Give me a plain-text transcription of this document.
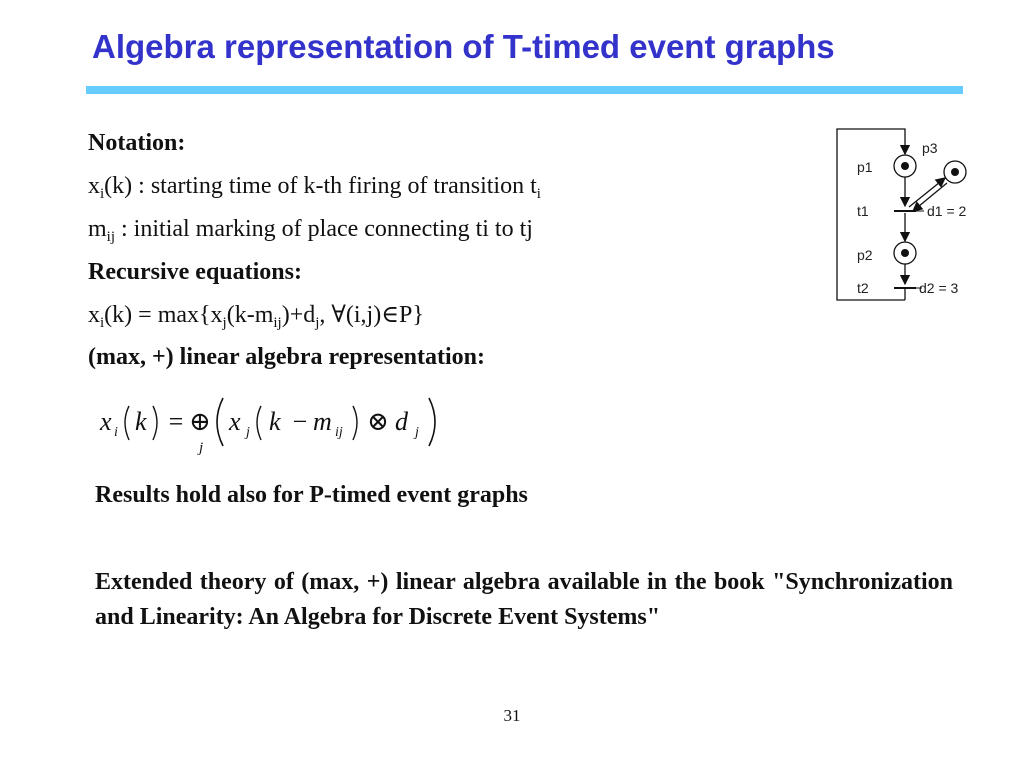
Algebra representation of T-timed event graphs
Notation:
$x_i(k)$ : starting time of k-th firing of transition $t_i$
$m_{ij}$ : initial marking of place connecting ti to tj
Recursive equations:
$x_i(k) = \max\{x_j(k-m_{ij})+d_j$, ∀(i,j)∈P}
(max, +) linear algebra representation:
x i k = ⊕
j
x j k − m ij ⊗ d j
p1
p3
t1	d1 = 2
p2
t2	d2 = 3
Results hold also for P-timed event graphs

Extended theory of (max, +) linear algebra available in the book "Synchronization and Linearity: An Algebra for Discrete Event Systems"

31
